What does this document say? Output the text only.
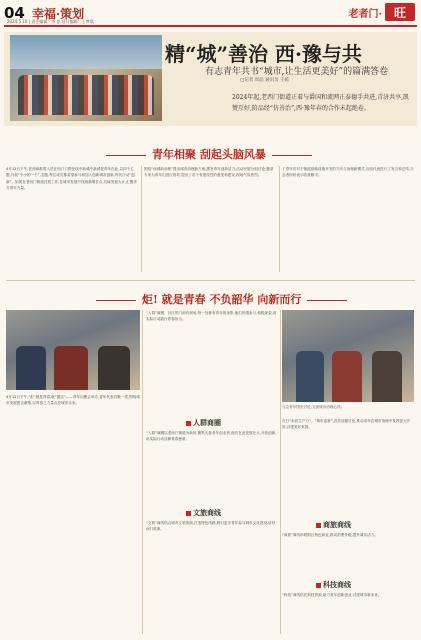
04 幸福·策划
2024.5.10 | 责任编辑：李 思 设计编辑：王梦琪
老者门· 旺
精“城”善治 西·豫与共
有志青年共书“城市,让生活更美好”的篇满答卷
□记者 周晶 通讯员 王嫣
2024年起,老西门街道正着与爵国和流网正泰德手共进,青济共享,凯赞互好,阶品经“仿善治”,西·豫年春的合作未起绝卷。
青年相聚 刮起头脑风暴
4月12日下午,老西商都着人员在西门口围在线中新城中新城老青年在此,以四个主题,开展“小小的一个”,名题,每位成员都希望参与和加入创新城市创新,每代行动“创新”。如何在老西门街道开展工作,在城市发展中找到新增长点,共谋发展大计,汇聚多方青年力量。
围绕“西城新治理”提出城市治理新方案,激发青年创新活力,活动开展分组讨论,邀请专家为青年们进行指导,提出了若干有建设性的意见和建议,现场气氛热烈。
了青年们对于街道基础设施开发的方向与治理新模式,各组代表进行了发言和总结,与会者纷纷表示收获颇丰。
炬! 就是青春 不负韶华 向新而行
4月12日下午,“炬”就是青春,就“激活”——青年闪聚会举办,青年代表共聚一堂,围绕城市发展建言献策,以青春之力量点亮城市未来。
“入群”商圈、社区的门前有现场,每一处都有青年的身影,他们热情参与,积极探索,用实际行动践行青春担当。
人群商圈
“入群”商圈以老西门街道为载体,聚集大批青年创业者,他们在此发展壮大,开拓创新,用实际行动诠释青春使命。
文旅商线
“文旅”商线结合城市文旅资源,打造特色线路,吸引更多青年参与城市文化建设,讲好西门故事。
与会青年围坐讨论,交流城市治理心得。
在日“米质生产力”、“城市更新”,各类话题讨论,推动青年在城市治理中发挥更大作用,共建美好家园。
商旅商线
“商旅”商线串联街区特色商业,推动消费升级,提升城市活力。
科技商线
“科技”商线依托科技资源,助力青年创新创业,共建城市新未来。
